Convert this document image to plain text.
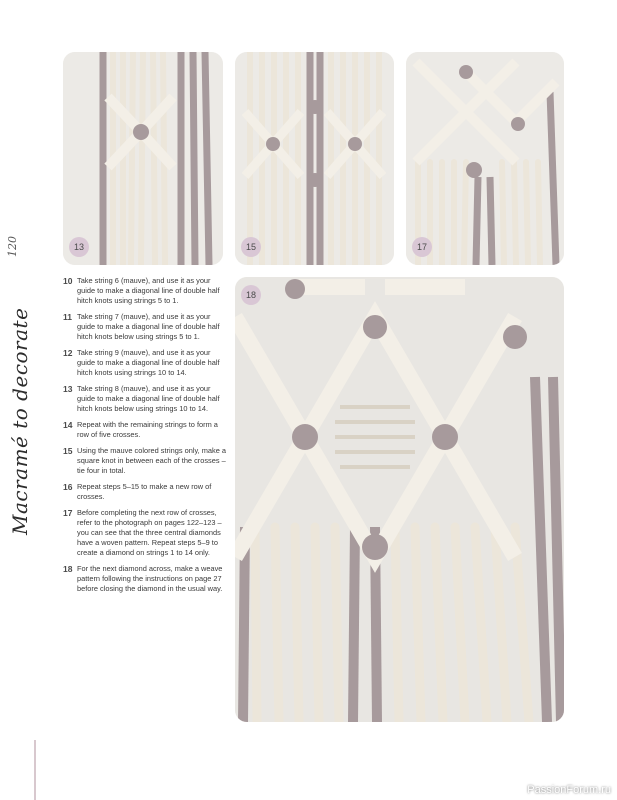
120
Macramé to decorate
13	15	17
18
10 Take string 6 (mauve), and use it as your guide to make a diagonal line of double half hitch knots using strings 5 to 1.
11 Take string 7 (mauve), and use it as your guide to make a diagonal line of double half hitch knots below using strings 5 to 1.
12 Take string 9 (mauve), and use it as your guide to make a diagonal line of double half hitch knots using strings 10 to 14.
13 Take string 8 (mauve), and use it as your guide to make a diagonal line of double half hitch knots below using strings 10 to 14.
14 Repeat with the remaining strings to form a row of five crosses.
15 Using the mauve colored strings only, make a square knot in between each of the crosses – tie four in total.
16 Repeat steps 5–15 to make a new row of crosses.
17 Before completing the next row of crosses, refer to the photograph on pages 122–123 – you can see that the three central diamonds have a woven pattern. Repeat steps 5–9 to create a diamond on strings 1 to 14 only.
18 For the next diamond across, make a weave pattern following the instructions on page 27 before closing the diamond in the usual way.
PassionForum.ru
